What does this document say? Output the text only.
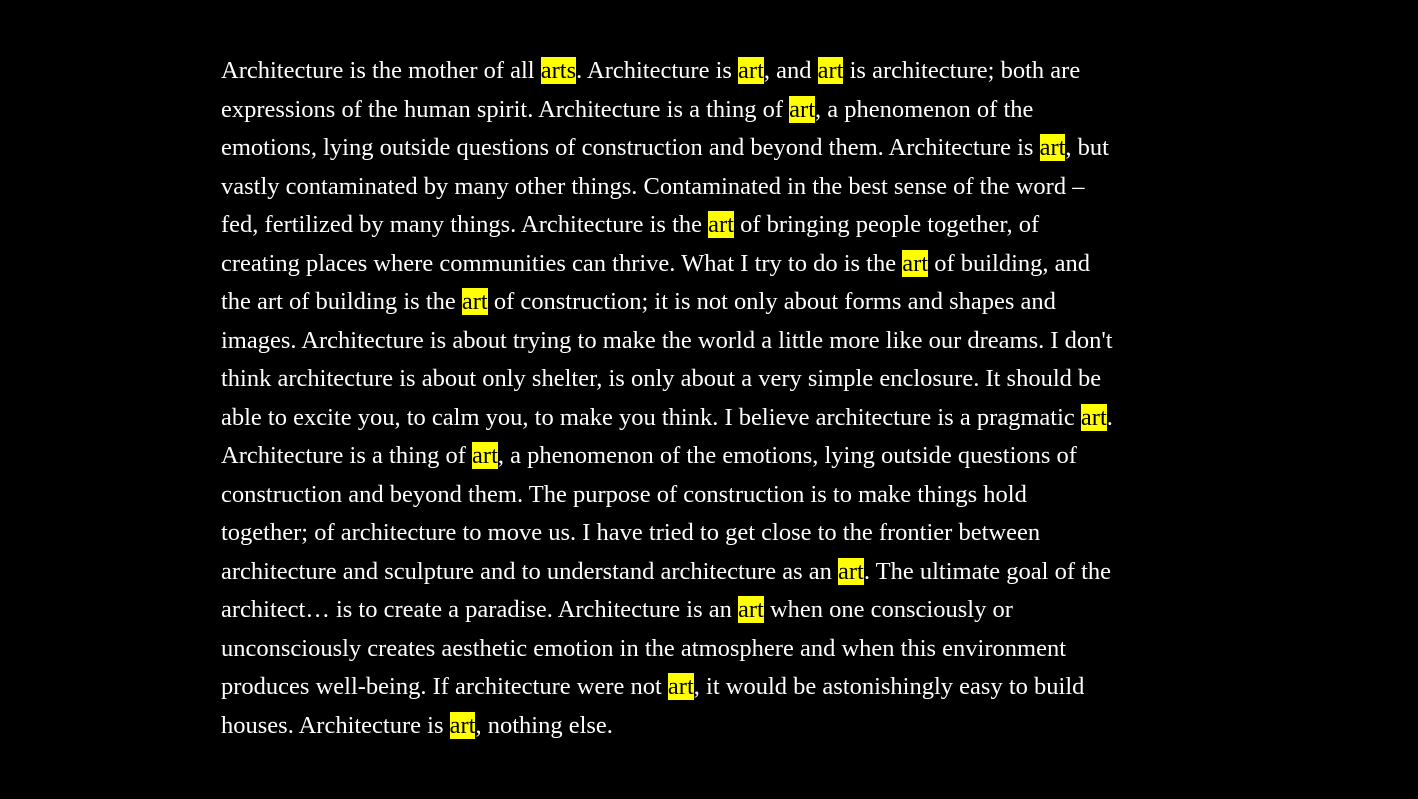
Architecture is the mother of all arts. Architecture is art, and art is architecture; both are
expressions of the human spirit. Architecture is a thing of art, a phenomenon of the
emotions, lying outside questions of construction and beyond them. Architecture is art, but
vastly contaminated by many other things. Contaminated in the best sense of the word –
fed, fertilized by many things. Architecture is the art of bringing people together, of
creating places where communities can thrive. What I try to do is the art of building, and
the art of building is the art of construction; it is not only about forms and shapes and
images. Architecture is about trying to make the world a little more like our dreams. I don't
think architecture is about only shelter, is only about a very simple enclosure. It should be
able to excite you, to calm you, to make you think. I believe architecture is a pragmatic art.
Architecture is a thing of art, a phenomenon of the emotions, lying outside questions of
construction and beyond them. The purpose of construction is to make things hold
together; of architecture to move us. I have tried to get close to the frontier between
architecture and sculpture and to understand architecture as an art. The ultimate goal of the
architect… is to create a paradise. Architecture is an art when one consciously or
unconsciously creates aesthetic emotion in the atmosphere and when this environment
produces well-being. If architecture were not art, it would be astonishingly easy to build
houses. Architecture is art, nothing else.
